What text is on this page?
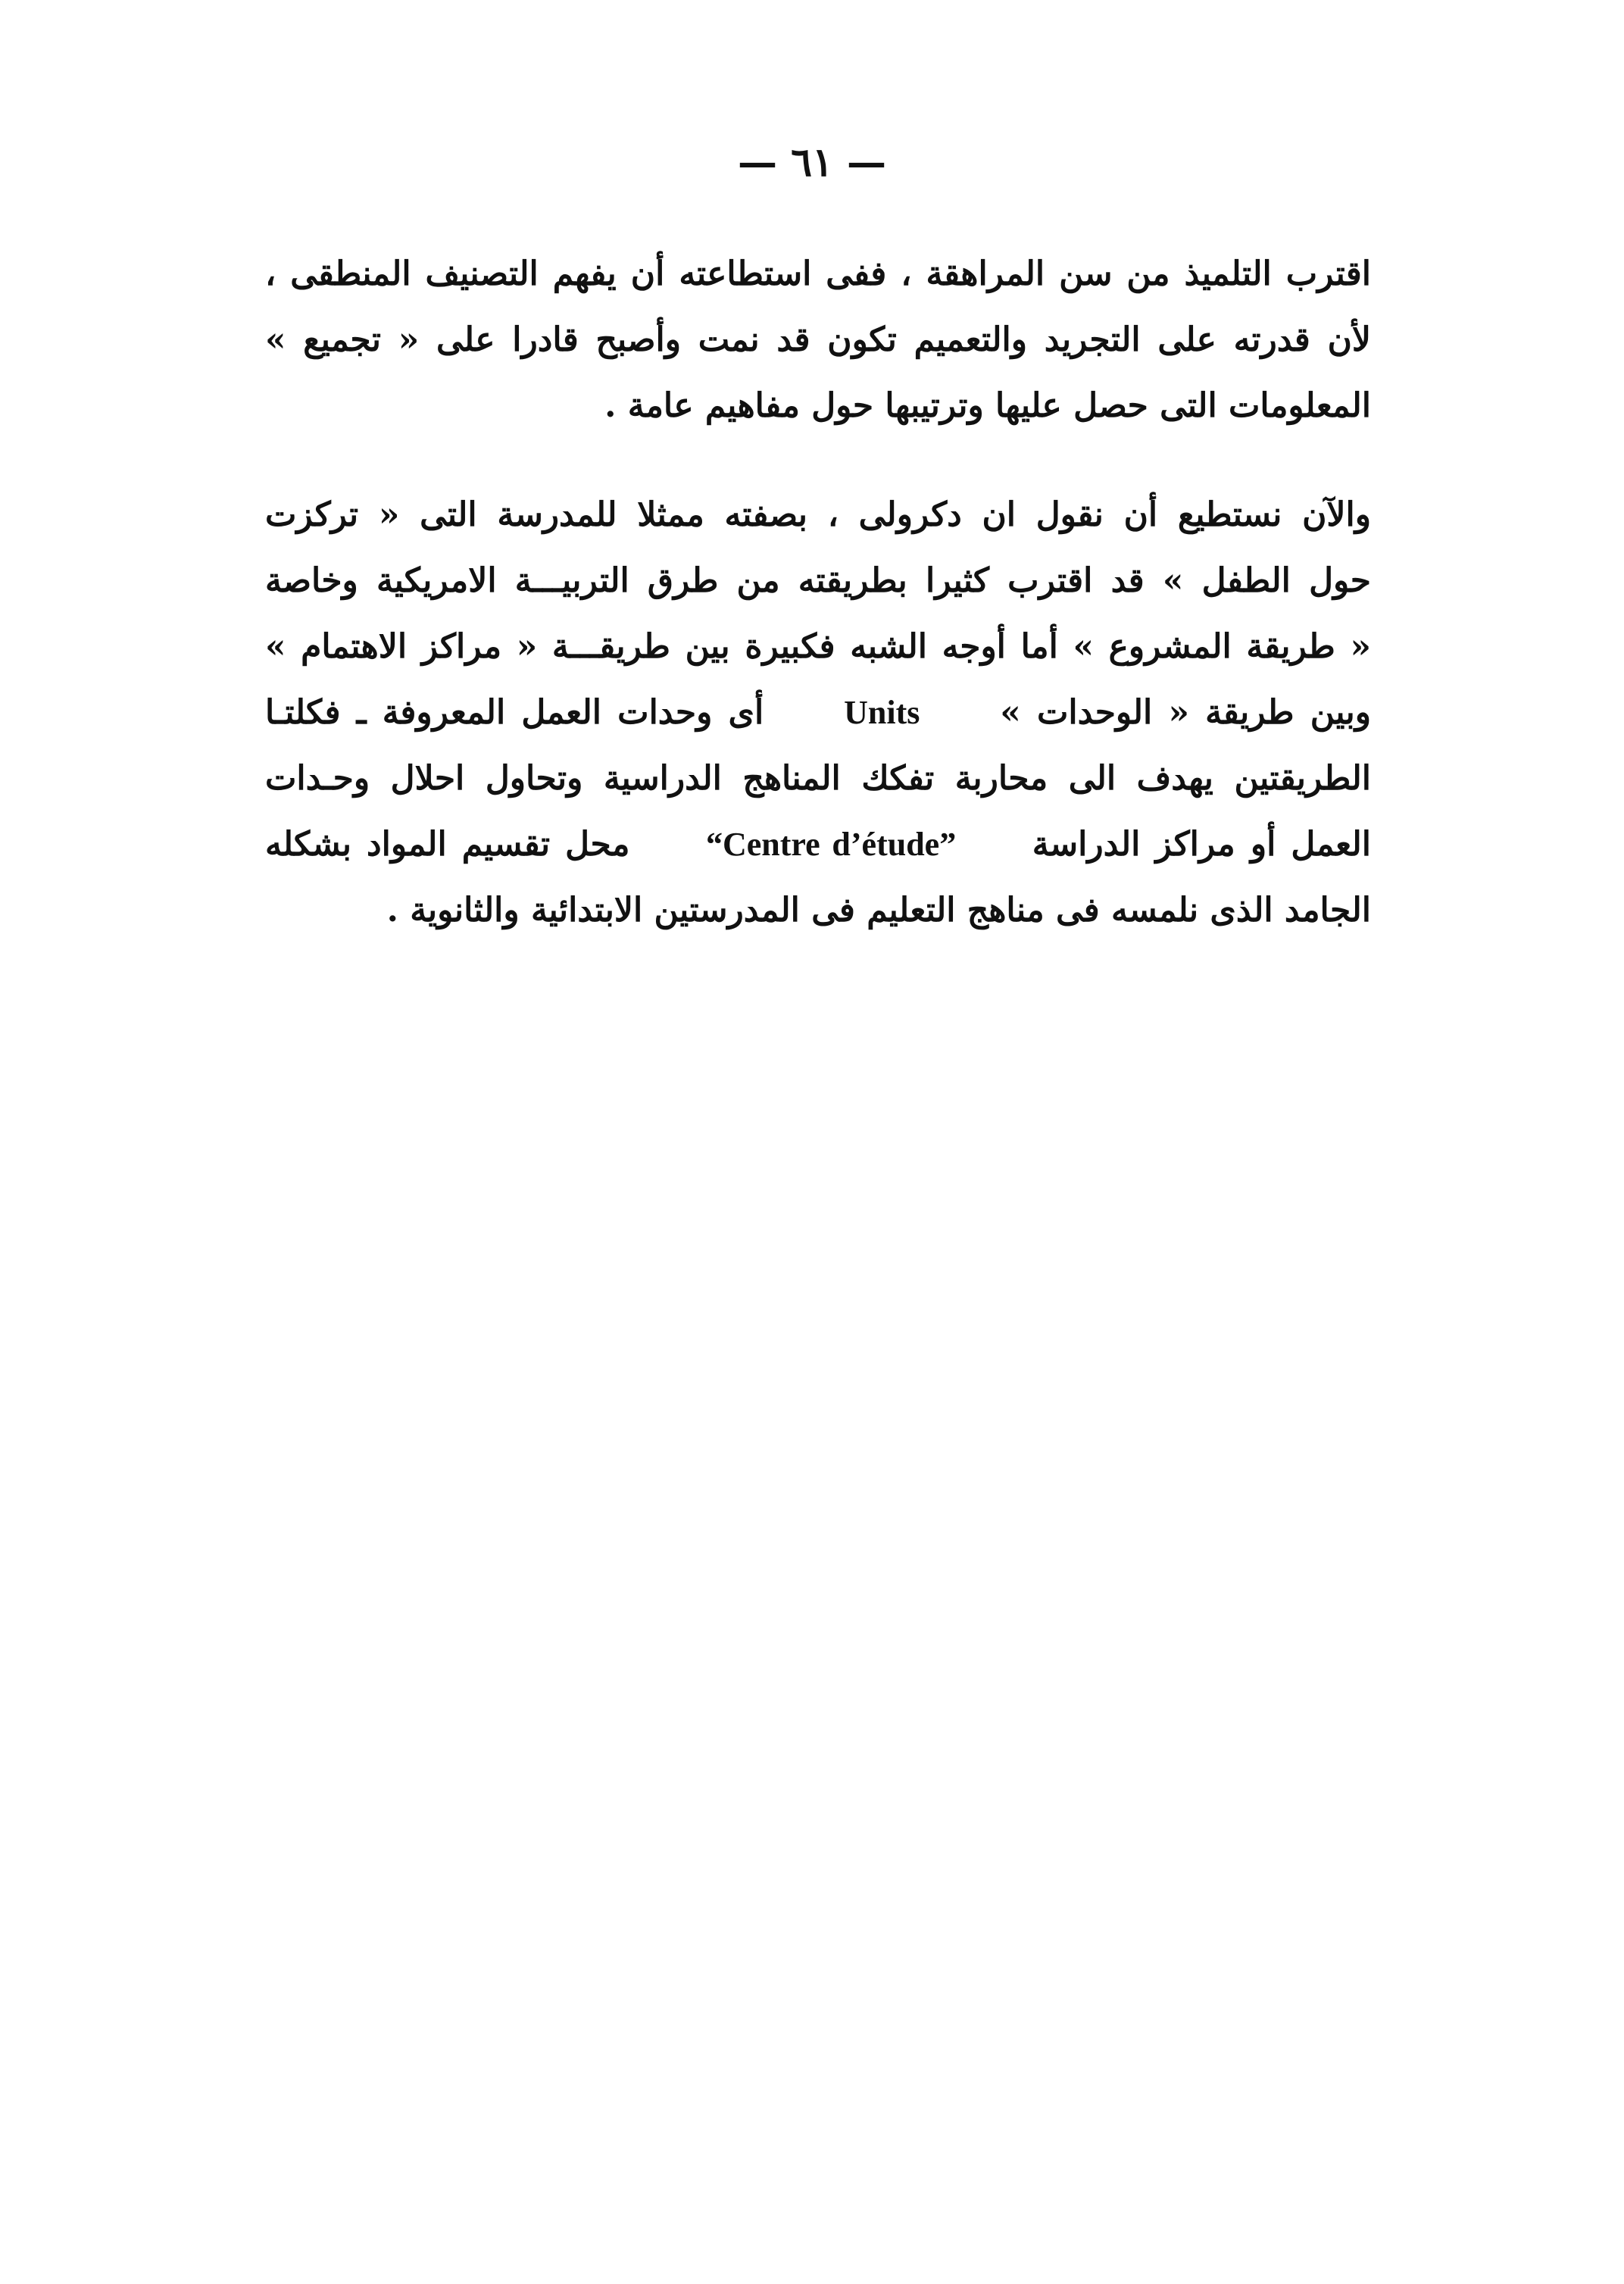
— ٦١ —
اقترب التلميذ من سن المراهقة ، ففى استطاعته أن يفهم التصنيف المنطقى ،
لأن قدرته على التجريد والتعميم تكون قد نمت وأصبح قادرا على « تجميع »
المعلومات التى حصل عليها وترتيبها حول مفاهيم عامة .
والآن نستطيع أن نقول ان دكرولى ، بصفته ممثلا للمدرسة التى « تركزت
حول الطفل » قد اقترب كثيرا بطريقته من طرق التربيـــة الامريكية وخاصة
« طريقة المشروع » أما أوجه الشبه فكبيرة بين طريقـــة « مراكز الاهتمام »
وبين طريقة « الوحدات »     Units     أى وحدات العمل المعروفة ـ فكلتـا
الطريقتين يهدف الى محاربة تفكك المناهج الدراسية وتحاول احلال وحـدات
العمل أو مراكز الدراسة     “Centre d’étude”     محل تقسيم المواد بشكله
الجامد الذى نلمسه فى مناهج التعليم فى المدرستين الابتدائية والثانوية .
